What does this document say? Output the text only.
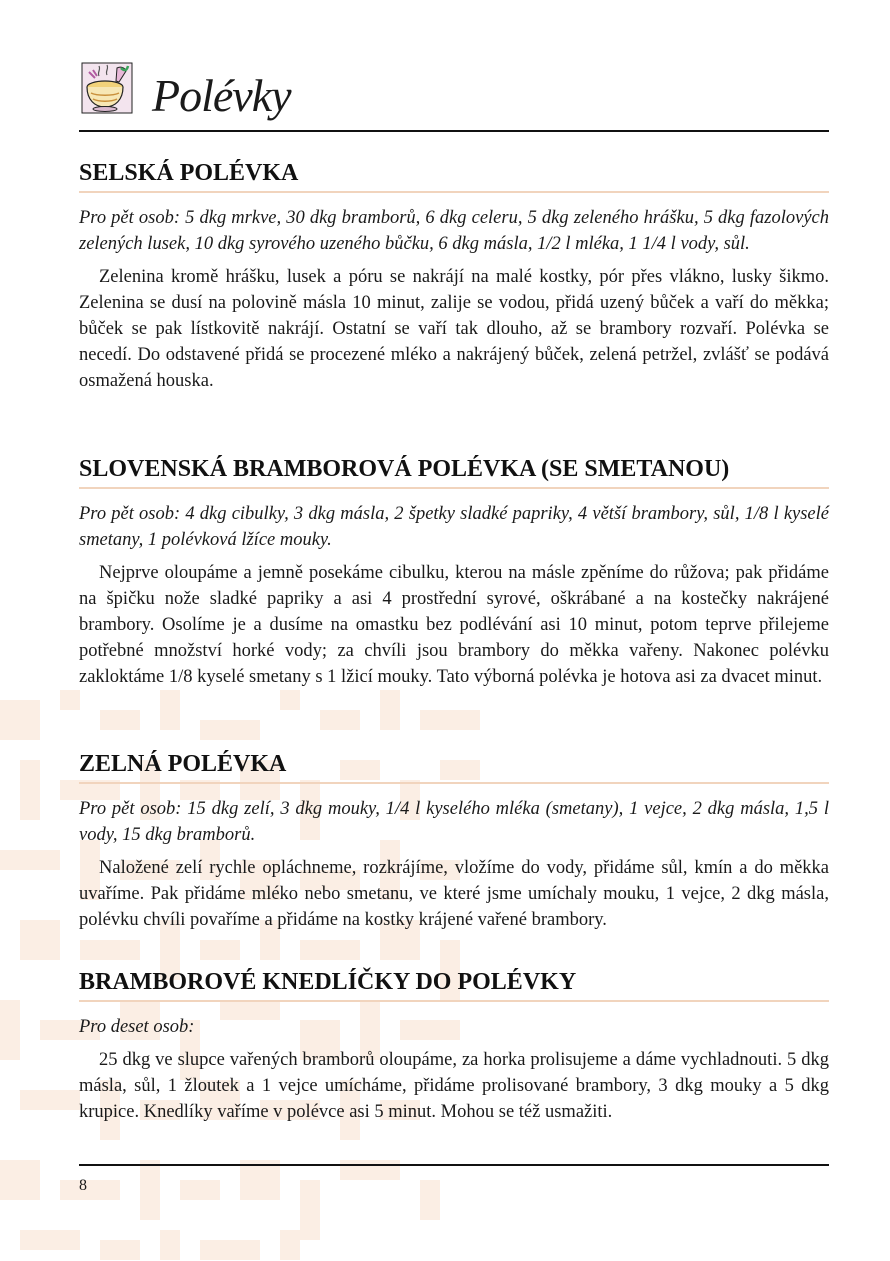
Polévky
SELSKÁ POLÉVKA

Pro pět osob: 5 dkg mrkve, 30 dkg bramborů, 6 dkg celeru, 5 dkg zeleného hrášku, 5 dkg fazolových zelených lusek, 10 dkg syrového uzeného bůčku, 6 dkg másla, 1/2 l mléka, 1 1/4 l vody, sůl.

Zelenina kromě hrášku, lusek a póru se nakrájí na malé kostky, pór přes vlákno, lusky šikmo. Zelenina se dusí na polovině másla 10 minut, zalije se vodou, přidá uzený bůček a vaří do měkka; bůček se pak lístkovitě nakrájí. Ostatní se vaří tak dlouho, až se brambory rozvaří. Polévka se necedí. Do odstavené přidá se procezené mléko a nakrájený bůček, zelená petržel, zvlášť se podává osmažená houska.

SLOVENSKÁ BRAMBOROVÁ POLÉVKA (SE SMETANOU)

Pro pět osob: 4 dkg cibulky, 3 dkg másla, 2 špetky sladké papriky, 4 větší brambory, sůl, 1/8 l kyselé smetany, 1 polévková lžíce mouky.

Nejprve oloupáme a jemně posekáme cibulku, kterou na másle zpěníme do růžova; pak přidáme na špičku nože sladké papriky a asi 4 prostřední syrové, oškrábané a na kostečky nakrájené brambory. Osolíme je a dusíme na omastku bez podlévání asi 10 minut, potom teprve přilejeme potřebné množství horké vody; za chvíli jsou brambory do měkka vařeny. Nakonec polévku zakloktáme 1/8 kyselé smetany s 1 lžicí mouky. Tato výborná polévka je hotova asi za dvacet minut.

ZELNÁ POLÉVKA

Pro pět osob: 15 dkg zelí, 3 dkg mouky, 1/4 l kyselého mléka (smetany), 1 vejce, 2 dkg másla, 1,5 l vody, 15 dkg bramborů.

Naložené zelí rychle opláchneme, rozkrájíme, vložíme do vody, přidáme sůl, kmín a do měkka uvaříme. Pak přidáme mléko nebo smetanu, ve které jsme umíchaly mouku, 1 vejce, 2 dkg másla, polévku chvíli povaříme a přidáme na kostky krájené vařené brambory.

BRAMBOROVÉ KNEDLÍČKY DO POLÉVKY

Pro deset osob:

25 dkg ve slupce vařených bramborů oloupáme, za horka prolisujeme a dáme vychladnouti. 5 dkg másla, sůl, 1 žloutek a 1 vejce umícháme, přidáme prolisované brambory, 3 dkg mouky a 5 dkg krupice. Knedlíky vaříme v polévce asi 5 minut. Mohou se též usmažiti.

8
